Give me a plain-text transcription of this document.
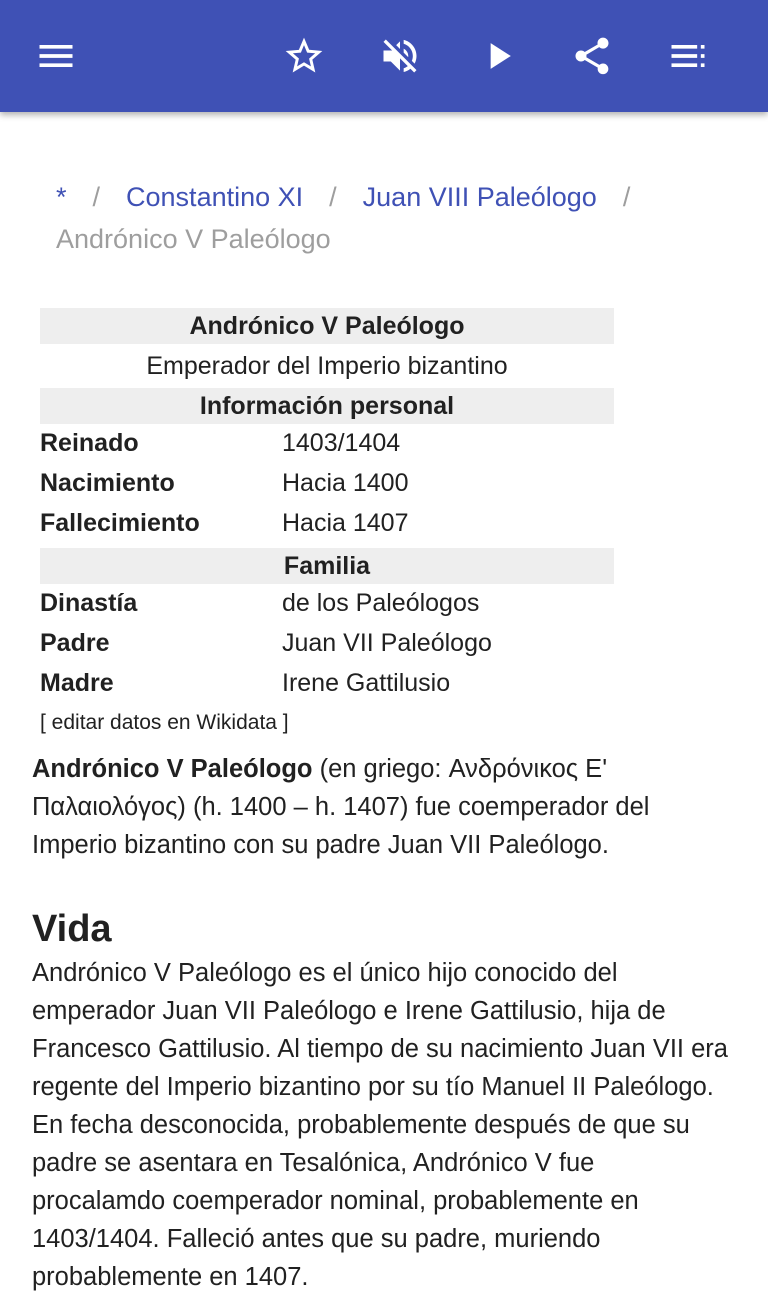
* / Constantino XI / Juan VIII Paleólogo /
Andrónico V Paleólogo
Andrónico V Paleólogo
Emperador del Imperio bizantino
Información personal
Reinado	1403/1404
Nacimiento	Hacia 1400
Fallecimiento	Hacia 1407
Familia
Dinastía	de los Paleólogos
Padre	Juan VII Paleólogo
Madre	Irene Gattilusio
[ editar datos en Wikidata ]

Andrónico V Paleólogo (en griego: Ανδρόνικος Ε' Παλαιολόγος) (h. 1400 – h. 1407) fue coemperador del Imperio bizantino con su padre Juan VII Paleólogo.

Vida

Andrónico V Paleólogo es el único hijo conocido del emperador Juan VII Paleólogo e Irene Gattilusio, hija de Francesco Gattilusio. Al tiempo de su nacimiento Juan VII era regente del Imperio bizantino por su tío Manuel II Paleólogo. En fecha desconocida, probablemente después de que su padre se asentara en Tesalónica, Andrónico V fue procalamdo coemperador nominal, probablemente en 1403/1404. Falleció antes que su padre, muriendo probablemente en 1407.
